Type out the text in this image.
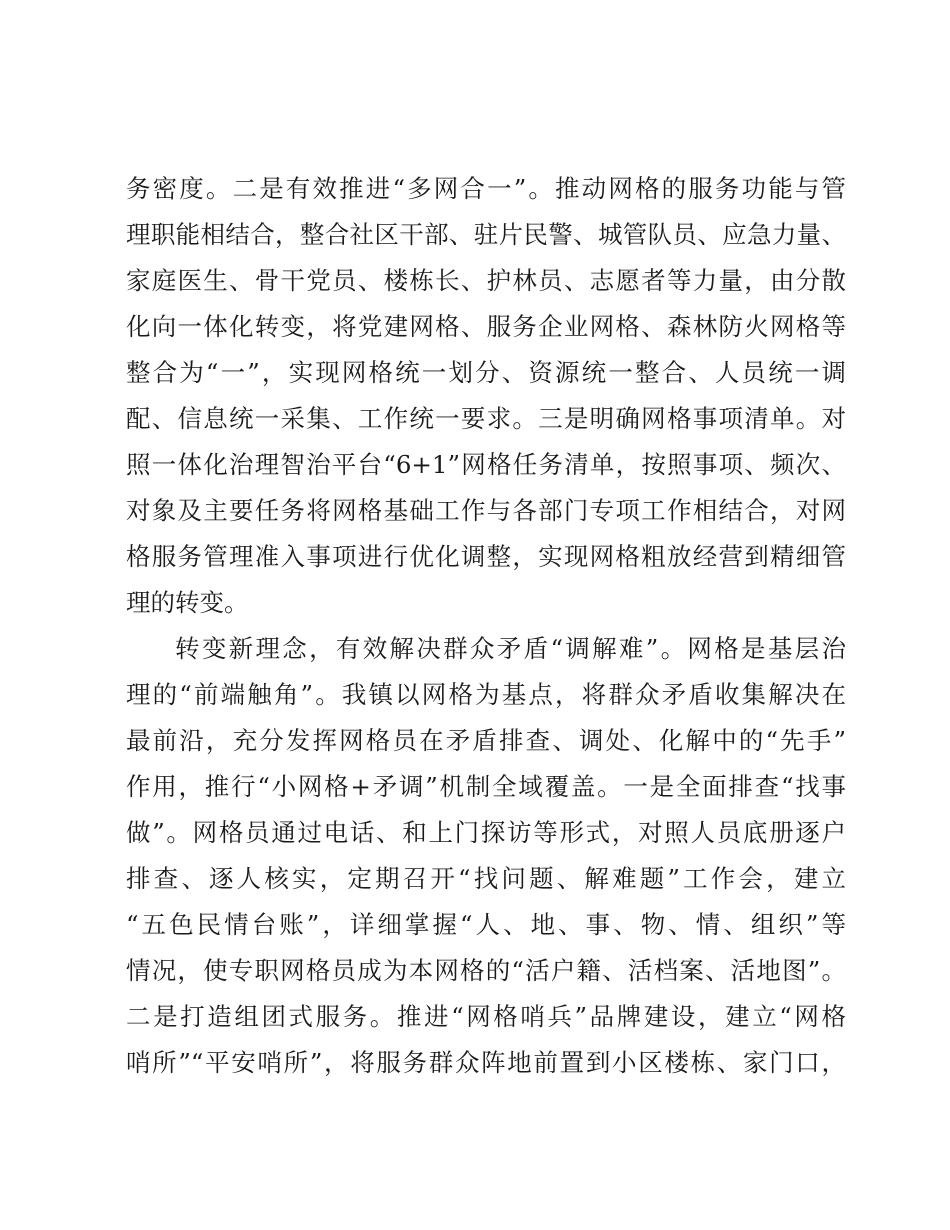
务密度。二是有效推进“多网合一”。推动网格的服务功能与管
理职能相结合，整合社区干部、驻片民警、城管队员、应急力量、
家庭医生、骨干党员、楼栋长、护林员、志愿者等力量，由分散
化向一体化转变，将党建网格、服务企业网格、森林防火网格等
整合为“一”，实现网格统一划分、资源统一整合、人员统一调
配、信息统一采集、工作统一要求。三是明确网格事项清单。对
照一体化治理智治平台“6+1”网格任务清单，按照事项、频次、
对象及主要任务将网格基础工作与各部门专项工作相结合，对网
格服务管理准入事项进行优化调整，实现网格粗放经营到精细管
理的转变。
转变新理念，有效解决群众矛盾“调解难”。网格是基层治
理的“前端触角”。我镇以网格为基点，将群众矛盾收集解决在
最前沿，充分发挥网格员在矛盾排查、调处、化解中的“先手”
作用，推行“小网格+矛调”机制全域覆盖。一是全面排查“找事
做”。网格员通过电话、和上门探访等形式，对照人员底册逐户
排查、逐人核实，定期召开“找问题、解难题”工作会，建立
“五色民情台账”，详细掌握“人、地、事、物、情、组织”等
情况，使专职网格员成为本网格的“活户籍、活档案、活地图”。
二是打造组团式服务。推进“网格哨兵”品牌建设，建立“网格
哨所”“平安哨所”，将服务群众阵地前置到小区楼栋、家门口，
